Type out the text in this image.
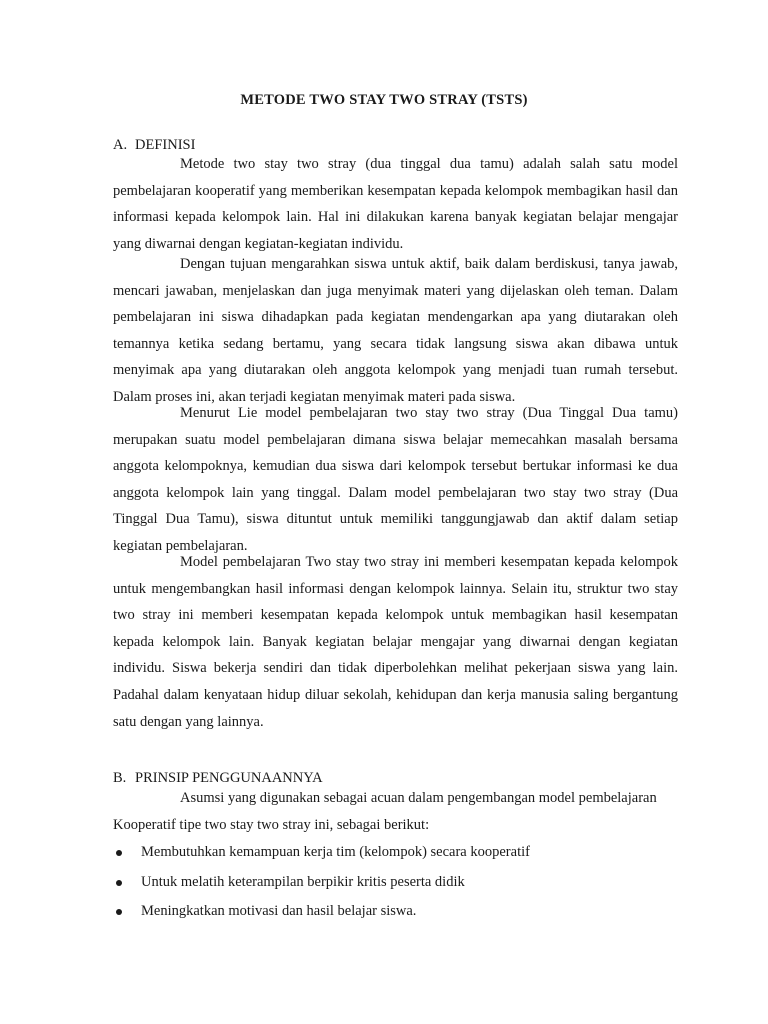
METODE TWO STAY TWO STRAY (TSTS)
A. DEFINISI

Metode two stay two stray (dua tinggal dua tamu) adalah salah satu model pembelajaran kooperatif yang memberikan kesempatan kepada kelompok membagikan hasil dan informasi kepada kelompok lain. Hal ini dilakukan karena banyak kegiatan belajar mengajar yang diwarnai dengan kegiatan-kegiatan individu.

Dengan tujuan mengarahkan siswa untuk aktif, baik dalam berdiskusi, tanya jawab, mencari jawaban, menjelaskan dan juga menyimak materi yang dijelaskan oleh teman. Dalam pembelajaran ini siswa dihadapkan pada kegiatan mendengarkan apa yang diutarakan oleh temannya ketika sedang bertamu, yang secara tidak langsung siswa akan dibawa untuk menyimak apa yang diutarakan oleh anggota kelompok yang menjadi tuan rumah tersebut. Dalam proses ini, akan terjadi kegiatan menyimak materi pada siswa.

Menurut Lie model pembelajaran two stay two stray (Dua Tinggal Dua tamu) merupakan suatu model pembelajaran dimana siswa belajar memecahkan masalah bersama anggota kelompoknya, kemudian dua siswa dari kelompok tersebut bertukar informasi ke dua anggota kelompok lain yang tinggal. Dalam model pembelajaran two stay two stray (Dua Tinggal Dua Tamu), siswa dituntut untuk memiliki tanggungjawab dan aktif dalam setiap kegiatan pembelajaran.

Model pembelajaran Two stay two stray ini memberi kesempatan kepada kelompok untuk mengembangkan hasil informasi dengan kelompok lainnya. Selain itu, struktur two stay two stray ini memberi kesempatan kepada kelompok untuk membagikan hasil kesempatan kepada kelompok lain. Banyak kegiatan belajar mengajar yang diwarnai dengan kegiatan individu. Siswa bekerja sendiri dan tidak diperbolehkan melihat pekerjaan siswa yang lain. Padahal dalam kenyataan hidup diluar sekolah, kehidupan dan kerja manusia saling bergantung satu dengan yang lainnya.

B. PRINSIP PENGGUNAANNYA

Asumsi yang digunakan sebagai acuan dalam pengembangan model pembelajaran

Kooperatif tipe two stay two stray ini, sebagai berikut:

Membutuhkan kemampuan kerja tim (kelompok) secara kooperatif
Untuk melatih keterampilan berpikir kritis peserta didik
Meningkatkan motivasi dan hasil belajar siswa.
